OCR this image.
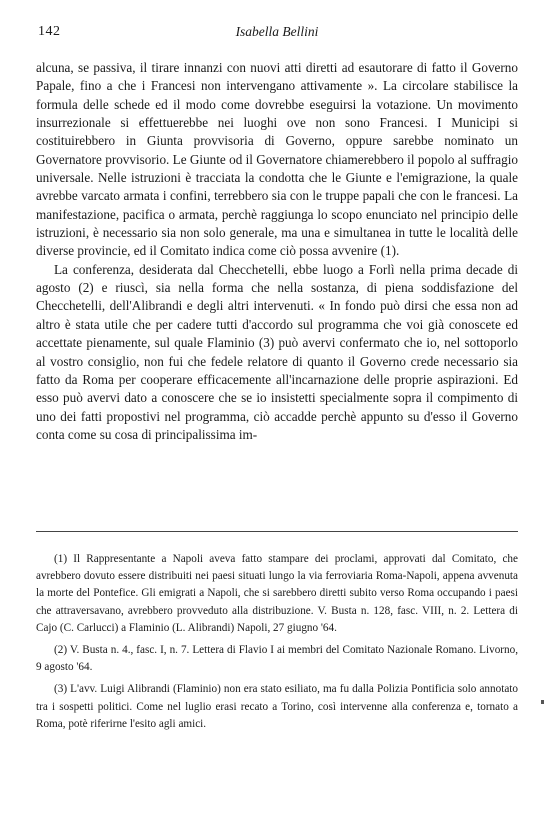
142	Isabella Bellini

alcuna, se passiva, il tirare innanzi con nuovi atti diretti ad esautorare di fatto il Governo Papale, fino a che i Francesi non intervengano attivamente ». La circolare stabilisce la formula delle schede ed il modo come dovrebbe eseguirsi la votazione. Un movimento insurrezionale si effettuerebbe nei luoghi ove non sono Francesi. I Municipi si costituirebbero in Giunta provvisoria di Governo, oppure sarebbe nominato un Governatore provvisorio. Le Giunte od il Governatore chiamerebbero il popolo al suffragio universale. Nelle istruzioni è tracciata la condotta che le Giunte e l'emigrazione, la quale avrebbe varcato armata i confini, terrebbero sia con le truppe papali che con le francesi. La manifestazione, pacifica o armata, perchè raggiunga lo scopo enunciato nel principio delle istruzioni, è necessario sia non solo generale, ma una e simultanea in tutte le località delle diverse provincie, ed il Comitato indica come ciò possa avvenire (1).

La conferenza, desiderata dal Checchetelli, ebbe luogo a Forlì nella prima decade di agosto (2) e riuscì, sia nella forma che nella sostanza, di piena soddisfazione del Checchetelli, dell'Alibrandi e degli altri intervenuti. « In fondo può dirsi che essa non ad altro è stata utile che per cadere tutti d'accordo sul programma che voi già conoscete ed accettate pienamente, sul quale Flaminio (3) può avervi confermato che io, nel sottoporlo al vostro consiglio, non fui che fedele relatore di quanto il Governo crede necessario sia fatto da Roma per cooperare efficacemente all'incarnazione delle proprie aspirazioni. Ed esso può avervi dato a conoscere che se io insistetti specialmente sopra il compimento di uno dei fatti propostivi nel programma, ciò accadde perchè appunto su d'esso il Governo conta come su cosa di principalissima im-

(1) Il Rappresentante a Napoli aveva fatto stampare dei proclami, approvati dal Comitato, che avrebbero dovuto essere distribuiti nei paesi situati lungo la via ferroviaria Roma-Napoli, appena avvenuta la morte del Pontefice. Gli emigrati a Napoli, che si sarebbero diretti subito verso Roma occupando i paesi che attraversavano, avrebbero provveduto alla distribuzione. V. Busta n. 128, fasc. VIII, n. 2. Lettera di Cajo (C. Carlucci) a Flaminio (L. Alibrandi) Napoli, 27 giugno '64.

(2) V. Busta n. 4., fasc. I, n. 7. Lettera di Flavio I ai membri del Comitato Nazionale Romano. Livorno, 9 agosto '64.

(3) L'avv. Luigi Alibrandi (Flaminio) non era stato esiliato, ma fu dalla Polizia Pontificia solo annotato tra i sospetti politici. Come nel luglio erasi recato a Torino, così intervenne alla conferenza e, tornato a Roma, potè riferirne l'esito agli amici.
